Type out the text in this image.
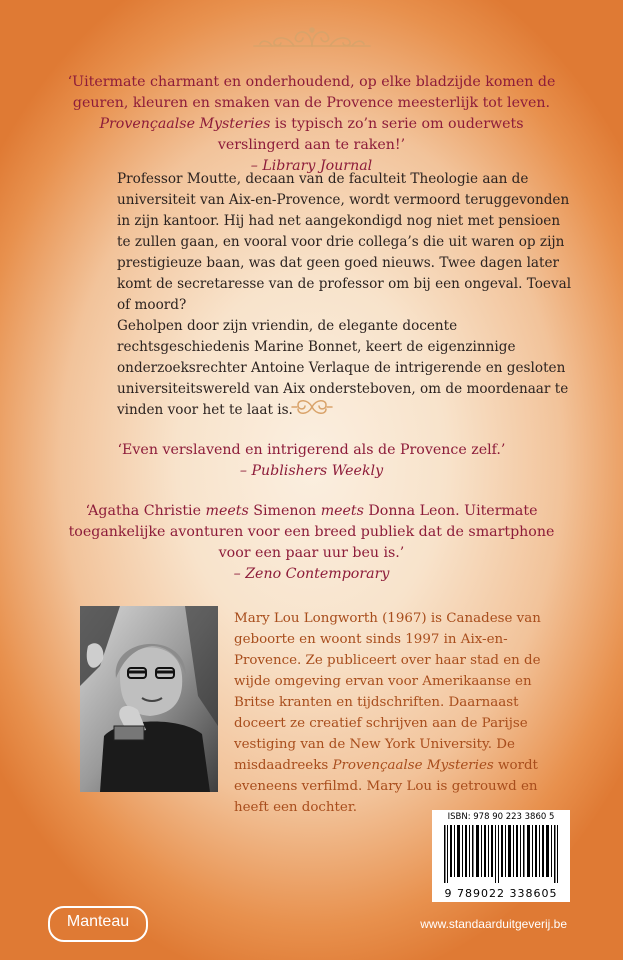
‘Uitermate charmant en onderhoudend, op elke bladzijde komen de geuren, kleuren en smaken van de Provence meesterlijk tot leven. Provençaalse Mysteries is typisch zo’n serie om ouderwets verslingerd aan te raken!’
– Library Journal

Professor Moutte, decaan van de faculteit Theologie aan de universiteit van Aix-en-Provence, wordt vermoord teruggevonden in zijn kantoor. Hij had net aangekondigd nog niet met pensioen te zullen gaan, en vooral voor drie collega’s die uit waren op zijn prestigieuze baan, was dat geen goed nieuws. Twee dagen later komt de secretaresse van de professor om bij een ongeval. Toeval of moord?

Geholpen door zijn vriendin, de elegante docente rechtsgeschiedenis Marine Bonnet, keert de eigenzinnige onderzoeksrechter Antoine Verlaque de intrigerende en gesloten universiteitswereld van Aix ondersteboven, om de moordenaar te vinden voor het te laat is.

‘Even verslavend en intrigerend als de Provence zelf.’
– Publishers Weekly
‘Agatha Christie meets Simenon meets Donna Leon. Uitermate toegankelijke avonturen voor een breed publiek dat de smartphone voor een paar uur beu is.’
– Zeno Contemporary
Mary Lou Longworth (1967) is Canadese van geboorte en woont sinds 1997 in Aix-en-Provence. Ze publiceert over haar stad en de wijde omgeving ervan voor Amerikaanse en Britse kranten en tijdschriften. Daarnaast doceert ze creatief schrijven aan de Parijse vestiging van de New York University. De misdaadreeks Provençaalse Mysteries wordt eveneens verfilmd. Mary Lou is getrouwd en heeft een dochter.
ISBN: 978 90 223 3860 5
9 789022 338605
Manteau	www.standaarduitgeverij.be
